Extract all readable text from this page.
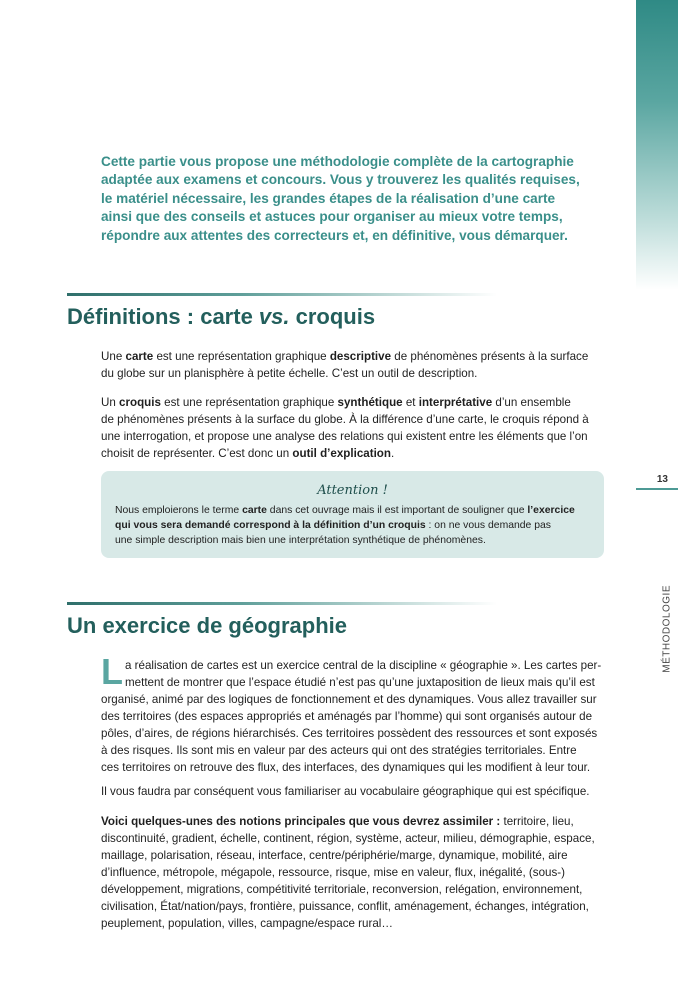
13
MÉTHODOLOGIE
Cette partie vous propose une méthodologie complète de la cartographie
adaptée aux examens et concours. Vous y trouverez les qualités requises,
le matériel nécessaire, les grandes étapes de la réalisation d’une carte
ainsi que des conseils et astuces pour organiser au mieux votre temps,
répondre aux attentes des correcteurs et, en définitive, vous démarquer.
Définitions : carte vs. croquis
Une carte est une représentation graphique descriptive de phénomènes présents à la surface
du globe sur un planisphère à petite échelle. C’est un outil de description.
Un croquis est une représentation graphique synthétique et interprétative d’un ensemble
de phénomènes présents à la surface du globe. À la différence d’une carte, le croquis répond à
une interrogation, et propose une analyse des relations qui existent entre les éléments que l’on
choisit de représenter. C’est donc un outil d’explication.
Attention !
Nous emploierons le terme carte dans cet ouvrage mais il est important de souligner que l’exercice
qui vous sera demandé correspond à la définition d’un croquis : on ne vous demande pas
une simple description mais bien une interprétation synthétique de phénomènes.
Un exercice de géographie
L a réalisation de cartes est un exercice central de la discipline « géographie ». Les cartes per-
mettent de montrer que l’espace étudié n’est pas qu’une juxtaposition de lieux mais qu’il est
organisé, animé par des logiques de fonctionnement et des dynamiques. Vous allez travailler sur
des territoires (des espaces appropriés et aménagés par l’homme) qui sont organisés autour de
pôles, d’aires, de régions hiérarchisés. Ces territoires possèdent des ressources et sont exposés
à des risques. Ils sont mis en valeur par des acteurs qui ont des stratégies territoriales. Entre
ces territoires on retrouve des flux, des interfaces, des dynamiques qui les modifient à leur tour.
Il vous faudra par conséquent vous familiariser au vocabulaire géographique qui est spécifique.
Voici quelques-unes des notions principales que vous devrez assimiler : territoire, lieu,
discontinuité, gradient, échelle, continent, région, système, acteur, milieu, démographie, espace,
maillage, polarisation, réseau, interface, centre/périphérie/marge, dynamique, mobilité, aire
d’influence, métropole, mégapole, ressource, risque, mise en valeur, flux, inégalité, (sous-)
développement, migrations, compétitivité territoriale, reconversion, relégation, environnement,
civilisation, État/nation/pays, frontière, puissance, conflit, aménagement, échanges, intégration,
peuplement, population, villes, campagne/espace rural…
